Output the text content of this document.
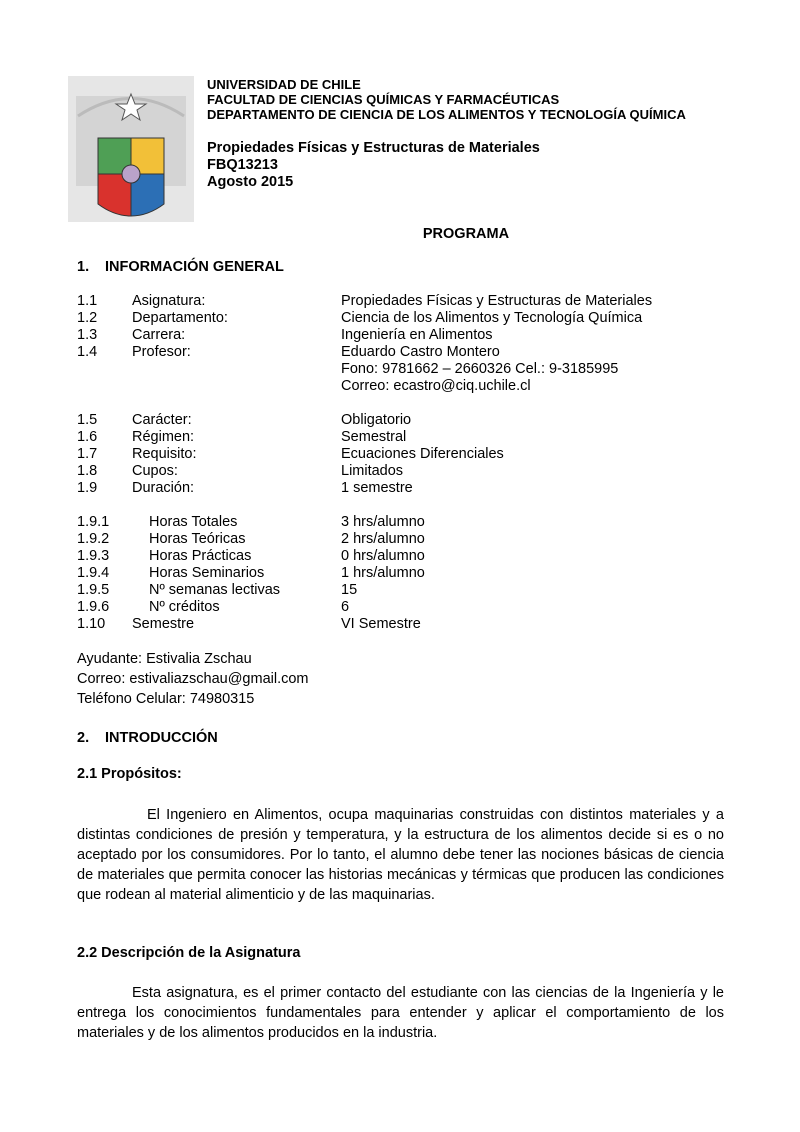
UNIVERSIDAD DE CHILE
FACULTAD DE CIENCIAS QUÍMICAS Y FARMACÉUTICAS
DEPARTAMENTO DE CIENCIA DE LOS ALIMENTOS Y TECNOLOGÍA QUÍMICA
Propiedades Físicas y Estructuras de Materiales
FBQ13213
Agosto 2015
PROGRAMA
1. INFORMACIÓN GENERAL
1.1 Asignatura:	Propiedades Físicas y Estructuras de Materiales
1.2 Departamento:	Ciencia de los Alimentos y Tecnología Química
1.3 Carrera:	Ingeniería en Alimentos
1.4 Profesor:	Eduardo Castro Montero
Fono: 9781662 – 2660326 Cel.: 9-3185995
Correo: ecastro@ciq.uchile.cl
1.5 Carácter:	Obligatorio
1.6 Régimen:	Semestral
1.7 Requisito:	Ecuaciones Diferenciales
1.8 Cupos:	Limitados
1.9 Duración:	1 semestre
1.9.1	Horas Totales	3 hrs/alumno
1.9.2	Horas Teóricas	2 hrs/alumno
1.9.3	Horas Prácticas	0 hrs/alumno
1.9.4	Horas Seminarios	1 hrs/alumno
1.9.5	Nº semanas lectivas	15
1.9.6	Nº créditos	6
1.10 Semestre	VI Semestre
Ayudante: Estivalia Zschau
Correo: estivaliazschau@gmail.com
Teléfono Celular: 74980315
2. INTRODUCCIÓN
2.1 Propósitos:
El Ingeniero en Alimentos, ocupa maquinarias construidas con distintos materiales y a distintas condiciones de presión y temperatura, y la estructura de los alimentos decide si es o no aceptado por los consumidores. Por lo tanto, el alumno debe tener las nociones básicas de ciencia de materiales que permita conocer las historias mecánicas y térmicas que producen las condiciones que rodean al material alimenticio y de las maquinarias.
2.2 Descripción de la Asignatura
Esta asignatura, es el primer contacto del estudiante con las ciencias de la Ingeniería y le entrega los conocimientos fundamentales para entender y aplicar el comportamiento de los materiales y de los alimentos producidos en la industria.
